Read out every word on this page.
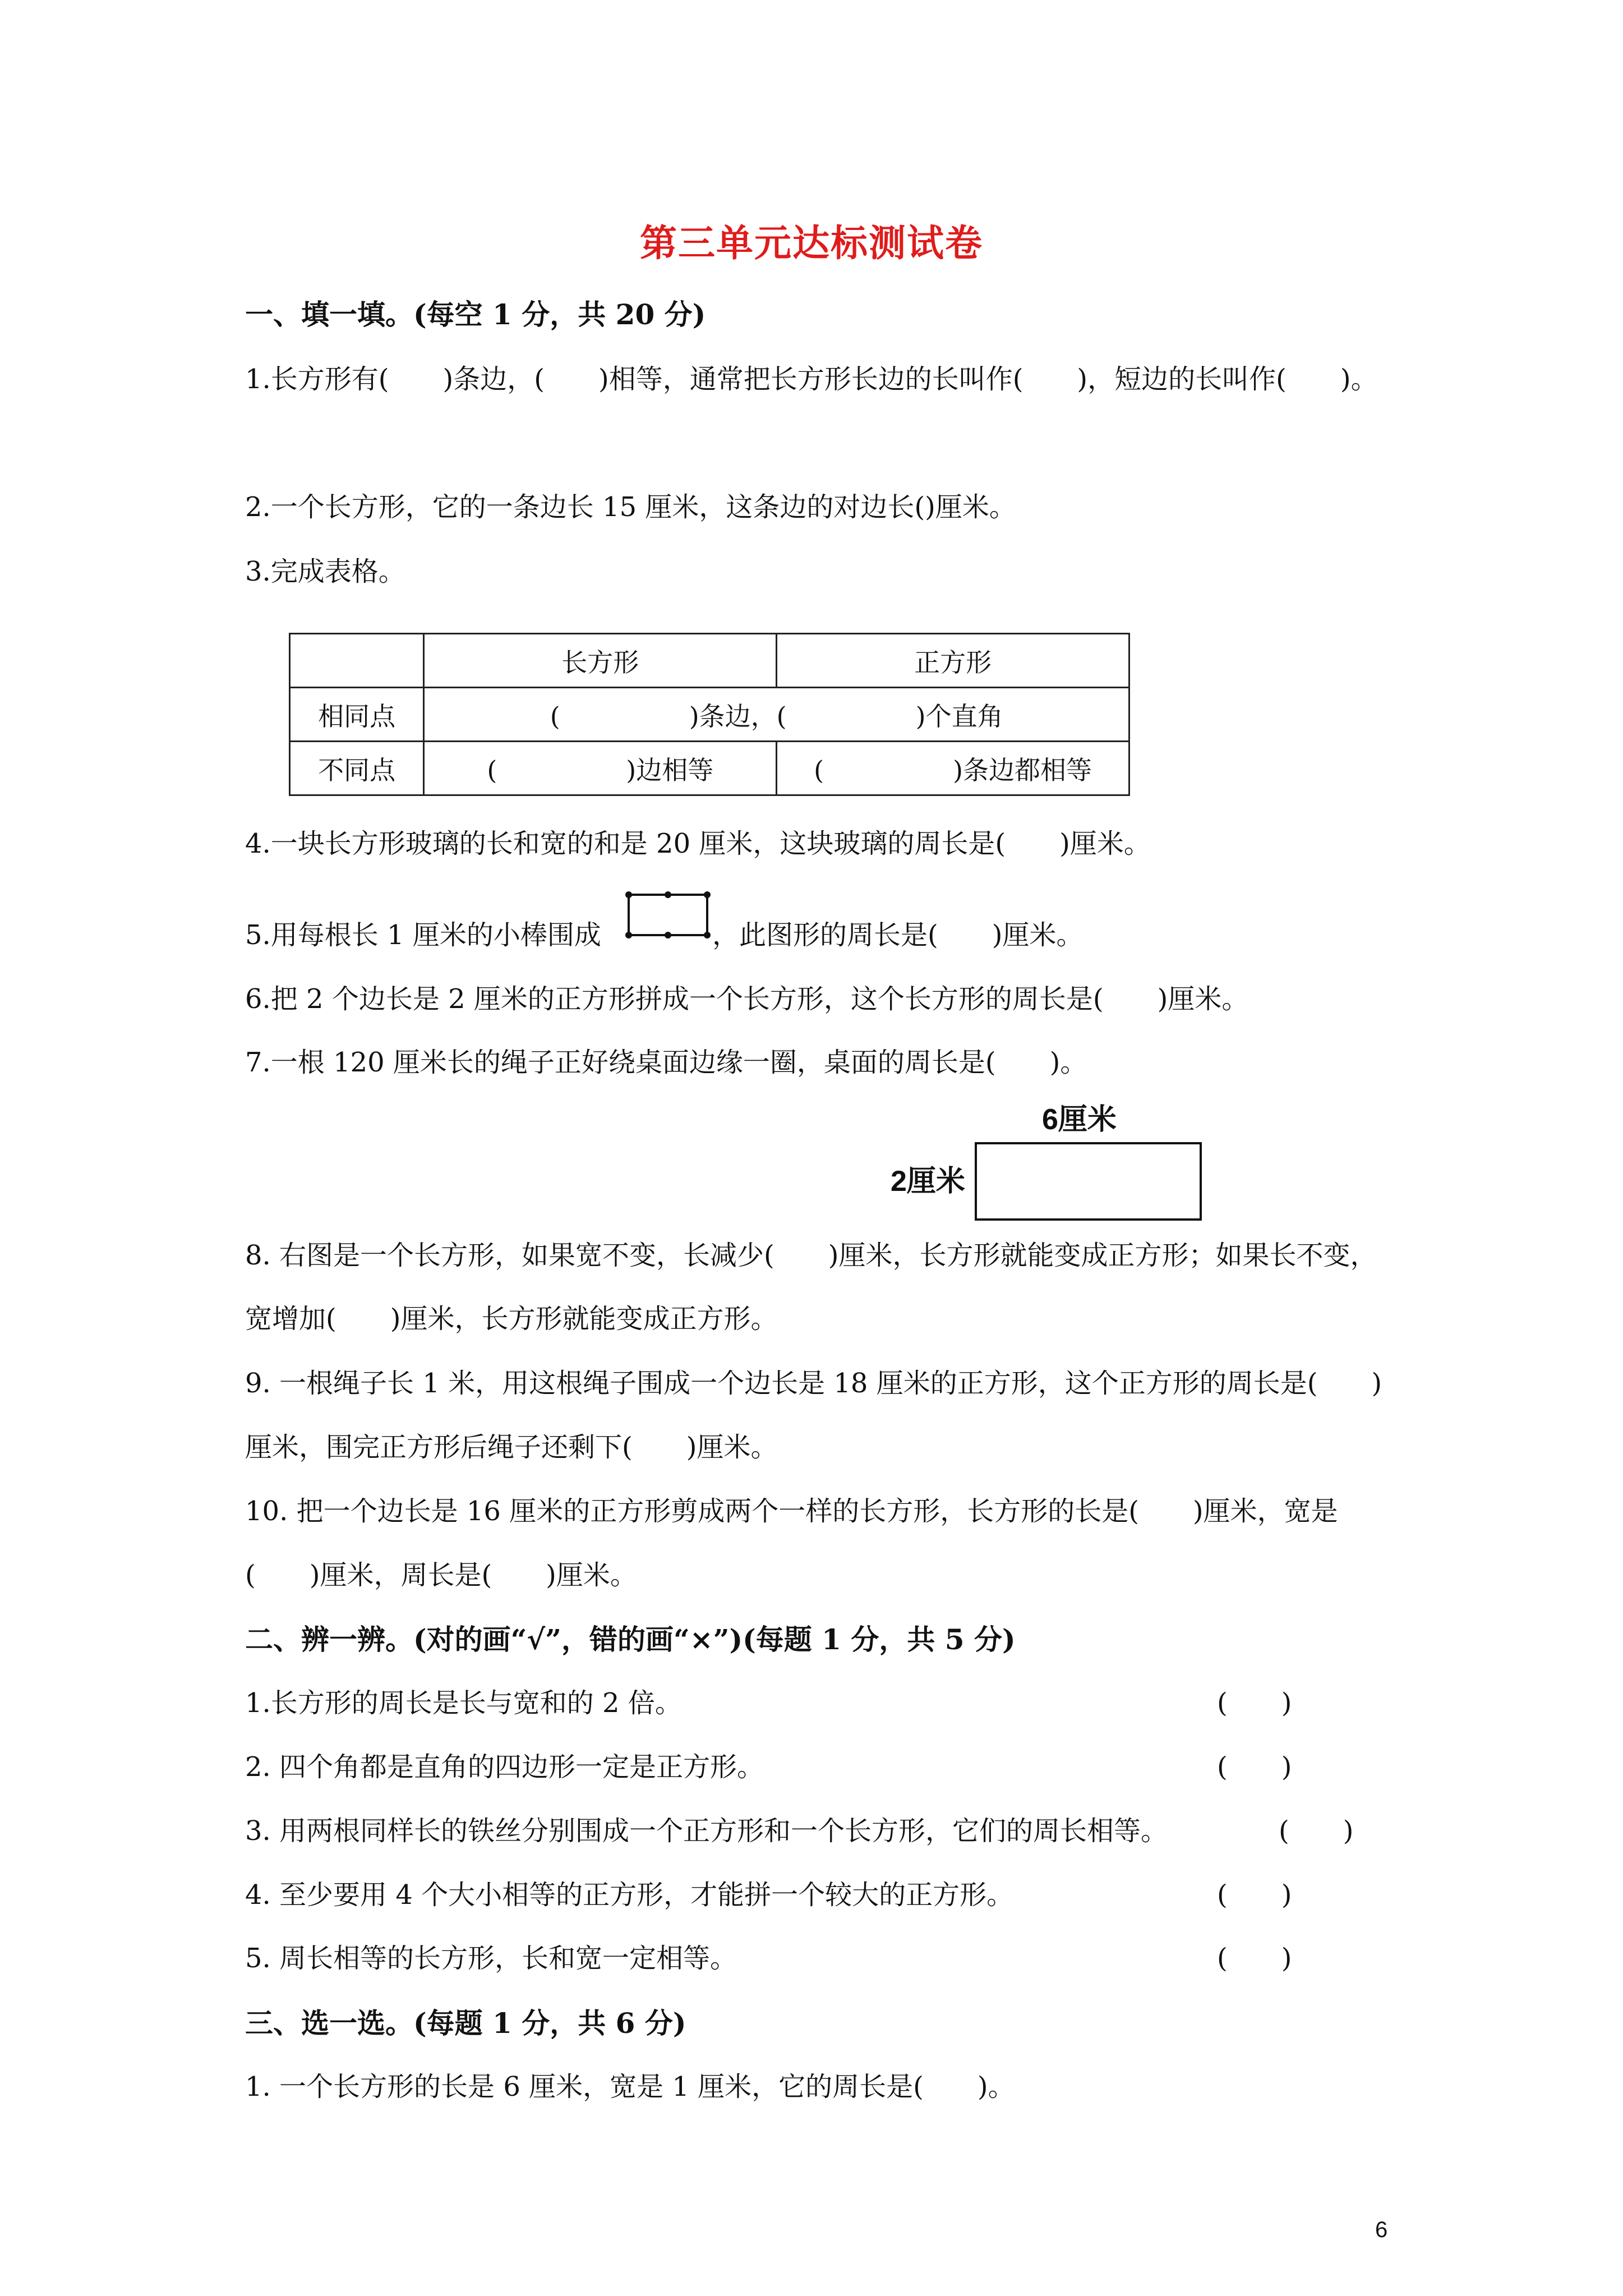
第三单元达标测试卷
一、填一填。(每空 1 分，共 20 分)
1.长方形有(　　)条边，(　　)相等，通常把长方形长边的长叫作(　　)，短边的长叫作(　　)。
2.一个长方形，它的一条边长 15 厘米，这条边的对边长()厘米。
3.完成表格。
	长方形	正方形
相同点	(　　　　　)条边，(　　　　　)个直角	
不同点	(　　　　　)边相等	(　　　　　)条边都相等
4.一块长方形玻璃的长和宽的和是 20 厘米，这块玻璃的周长是(　　)厘米。
5.用每根长 1 厘米的小棒围成	，此图形的周长是(　　)厘米。
6.把 2 个边长是 2 厘米的正方形拼成一个长方形，这个长方形的周长是(　　)厘米。
7.一根 120 厘米长的绳子正好绕桌面边缘一圈，桌面的周长是(　　)。
6厘米
2厘米
8. 右图是一个长方形，如果宽不变，长减少(　　)厘米，长方形就能变成正方形；如果长不变，
宽增加(　　)厘米，长方形就能变成正方形。
9. 一根绳子长 1 米，用这根绳子围成一个边长是 18 厘米的正方形，这个正方形的周长是(　　)
厘米，围完正方形后绳子还剩下(　　)厘米。
10. 把一个边长是 16 厘米的正方形剪成两个一样的长方形，长方形的长是(　　)厘米，宽是
(　　)厘米，周长是(　　)厘米。
二、辨一辨。(对的画“√”，错的画“×”)(每题 1 分，共 5 分)
1.长方形的周长是长与宽和的 2 倍。	(　　)
2. 四个角都是直角的四边形一定是正方形。	(　　)
3. 用两根同样长的铁丝分别围成一个正方形和一个长方形，它们的周长相等。	(　　)
4. 至少要用 4 个大小相等的正方形，才能拼一个较大的正方形。	(　　)
5. 周长相等的长方形，长和宽一定相等。	(　　)
三、选一选。(每题 1 分，共 6 分)
1. 一个长方形的长是 6 厘米，宽是 1 厘米，它的周长是(　　)。
6
